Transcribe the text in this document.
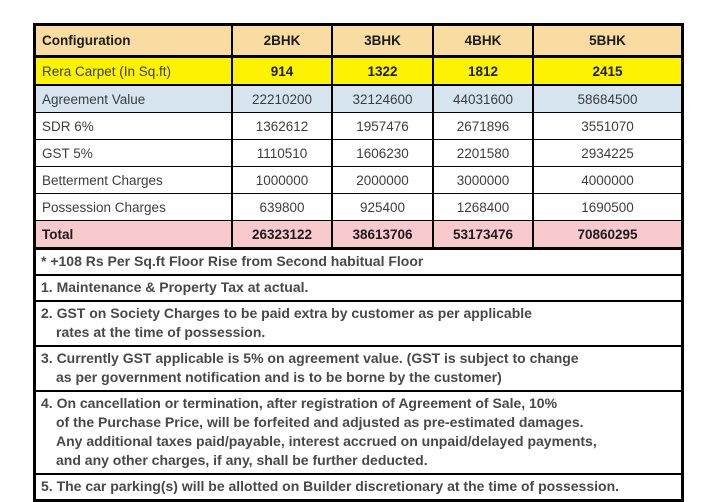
Configuration	2BHK	3BHK	4BHK	5BHK
Rera Carpet (In Sq.ft)	914	1322	1812	2415
Agreement Value	22210200	32124600	44031600	58684500
SDR 6%	1362612	1957476	2671896	3551070
GST 5%	1110510	1606230	2201580	2934225
Betterment Charges	1000000	2000000	3000000	4000000
Possession Charges	639800	925400	1268400	1690500
Total	26323122	38613706	53173476	70860295
* +108 Rs Per Sq.ft Floor Rise from Second habitual Floor
1. Maintenance & Property Tax at actual.
2. GST on Society Charges to be paid extra by customer as per applicable
rates at the time of possession.
3. Currently GST applicable is 5% on agreement value. (GST is subject to change
as per government notification and is to be borne by the customer)
4. On cancellation or termination, after registration of Agreement of Sale, 10%
of the Purchase Price, will be forfeited and adjusted as pre-estimated damages.
Any additional taxes paid/payable, interest accrued on unpaid/delayed payments,
and any other charges, if any, shall be further deducted.
5. The car parking(s) will be allotted on Builder discretionary at the time of possession.
